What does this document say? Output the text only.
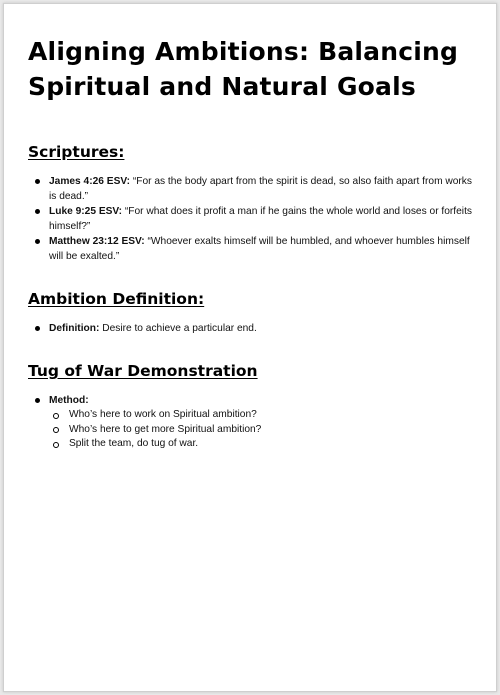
Aligning Ambitions: Balancing
Spiritual and Natural Goals
Scriptures:
James 4:26 ESV: “For as the body apart from the spirit is dead, so also faith apart from works is dead.”
Luke 9:25 ESV: “For what does it profit a man if he gains the whole world and loses or forfeits himself?”
Matthew 23:12 ESV: “Whoever exalts himself will be humbled, and whoever humbles himself will be exalted.”
Ambition Definition:
Definition: Desire to achieve a particular end.
Tug of War Demonstration
Method:
Who’s here to work on Spiritual ambition?
Who’s here to get more Spiritual ambition?
Split the team, do tug of war.
